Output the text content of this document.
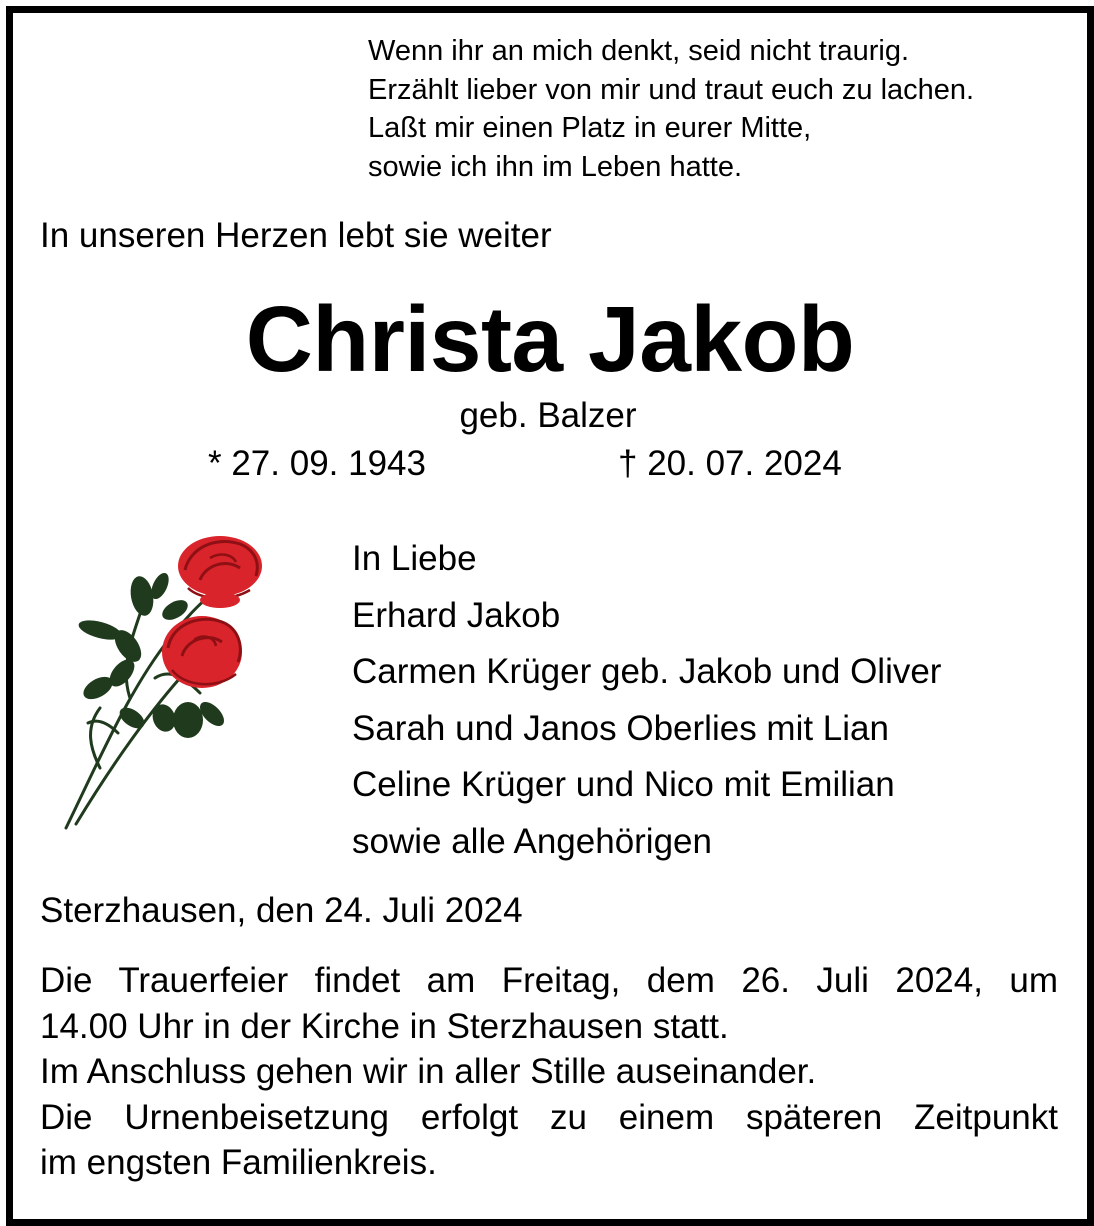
Wenn ihr an mich denkt, seid nicht traurig.
Erzählt lieber von mir und traut euch zu lachen.
Laßt mir einen Platz in eurer Mitte,
sowie ich ihn im Leben hatte.
In unseren Herzen lebt sie weiter
Christa Jakob
geb. Balzer
* 27. 09. 1943	† 20. 07. 2024
In Liebe
Erhard Jakob
Carmen Krüger geb. Jakob und Oliver
Sarah und Janos Oberlies mit Lian
Celine Krüger und Nico mit Emilian
sowie alle Angehörigen
Sterzhausen, den 24. Juli 2024
Die Trauerfeier findet am Freitag, dem 26. Juli 2024, um
14.00 Uhr in der Kirche in Sterzhausen statt.
Im Anschluss gehen wir in aller Stille auseinander.
Die Urnenbeisetzung erfolgt zu einem späteren Zeitpunkt
im engsten Familienkreis.
